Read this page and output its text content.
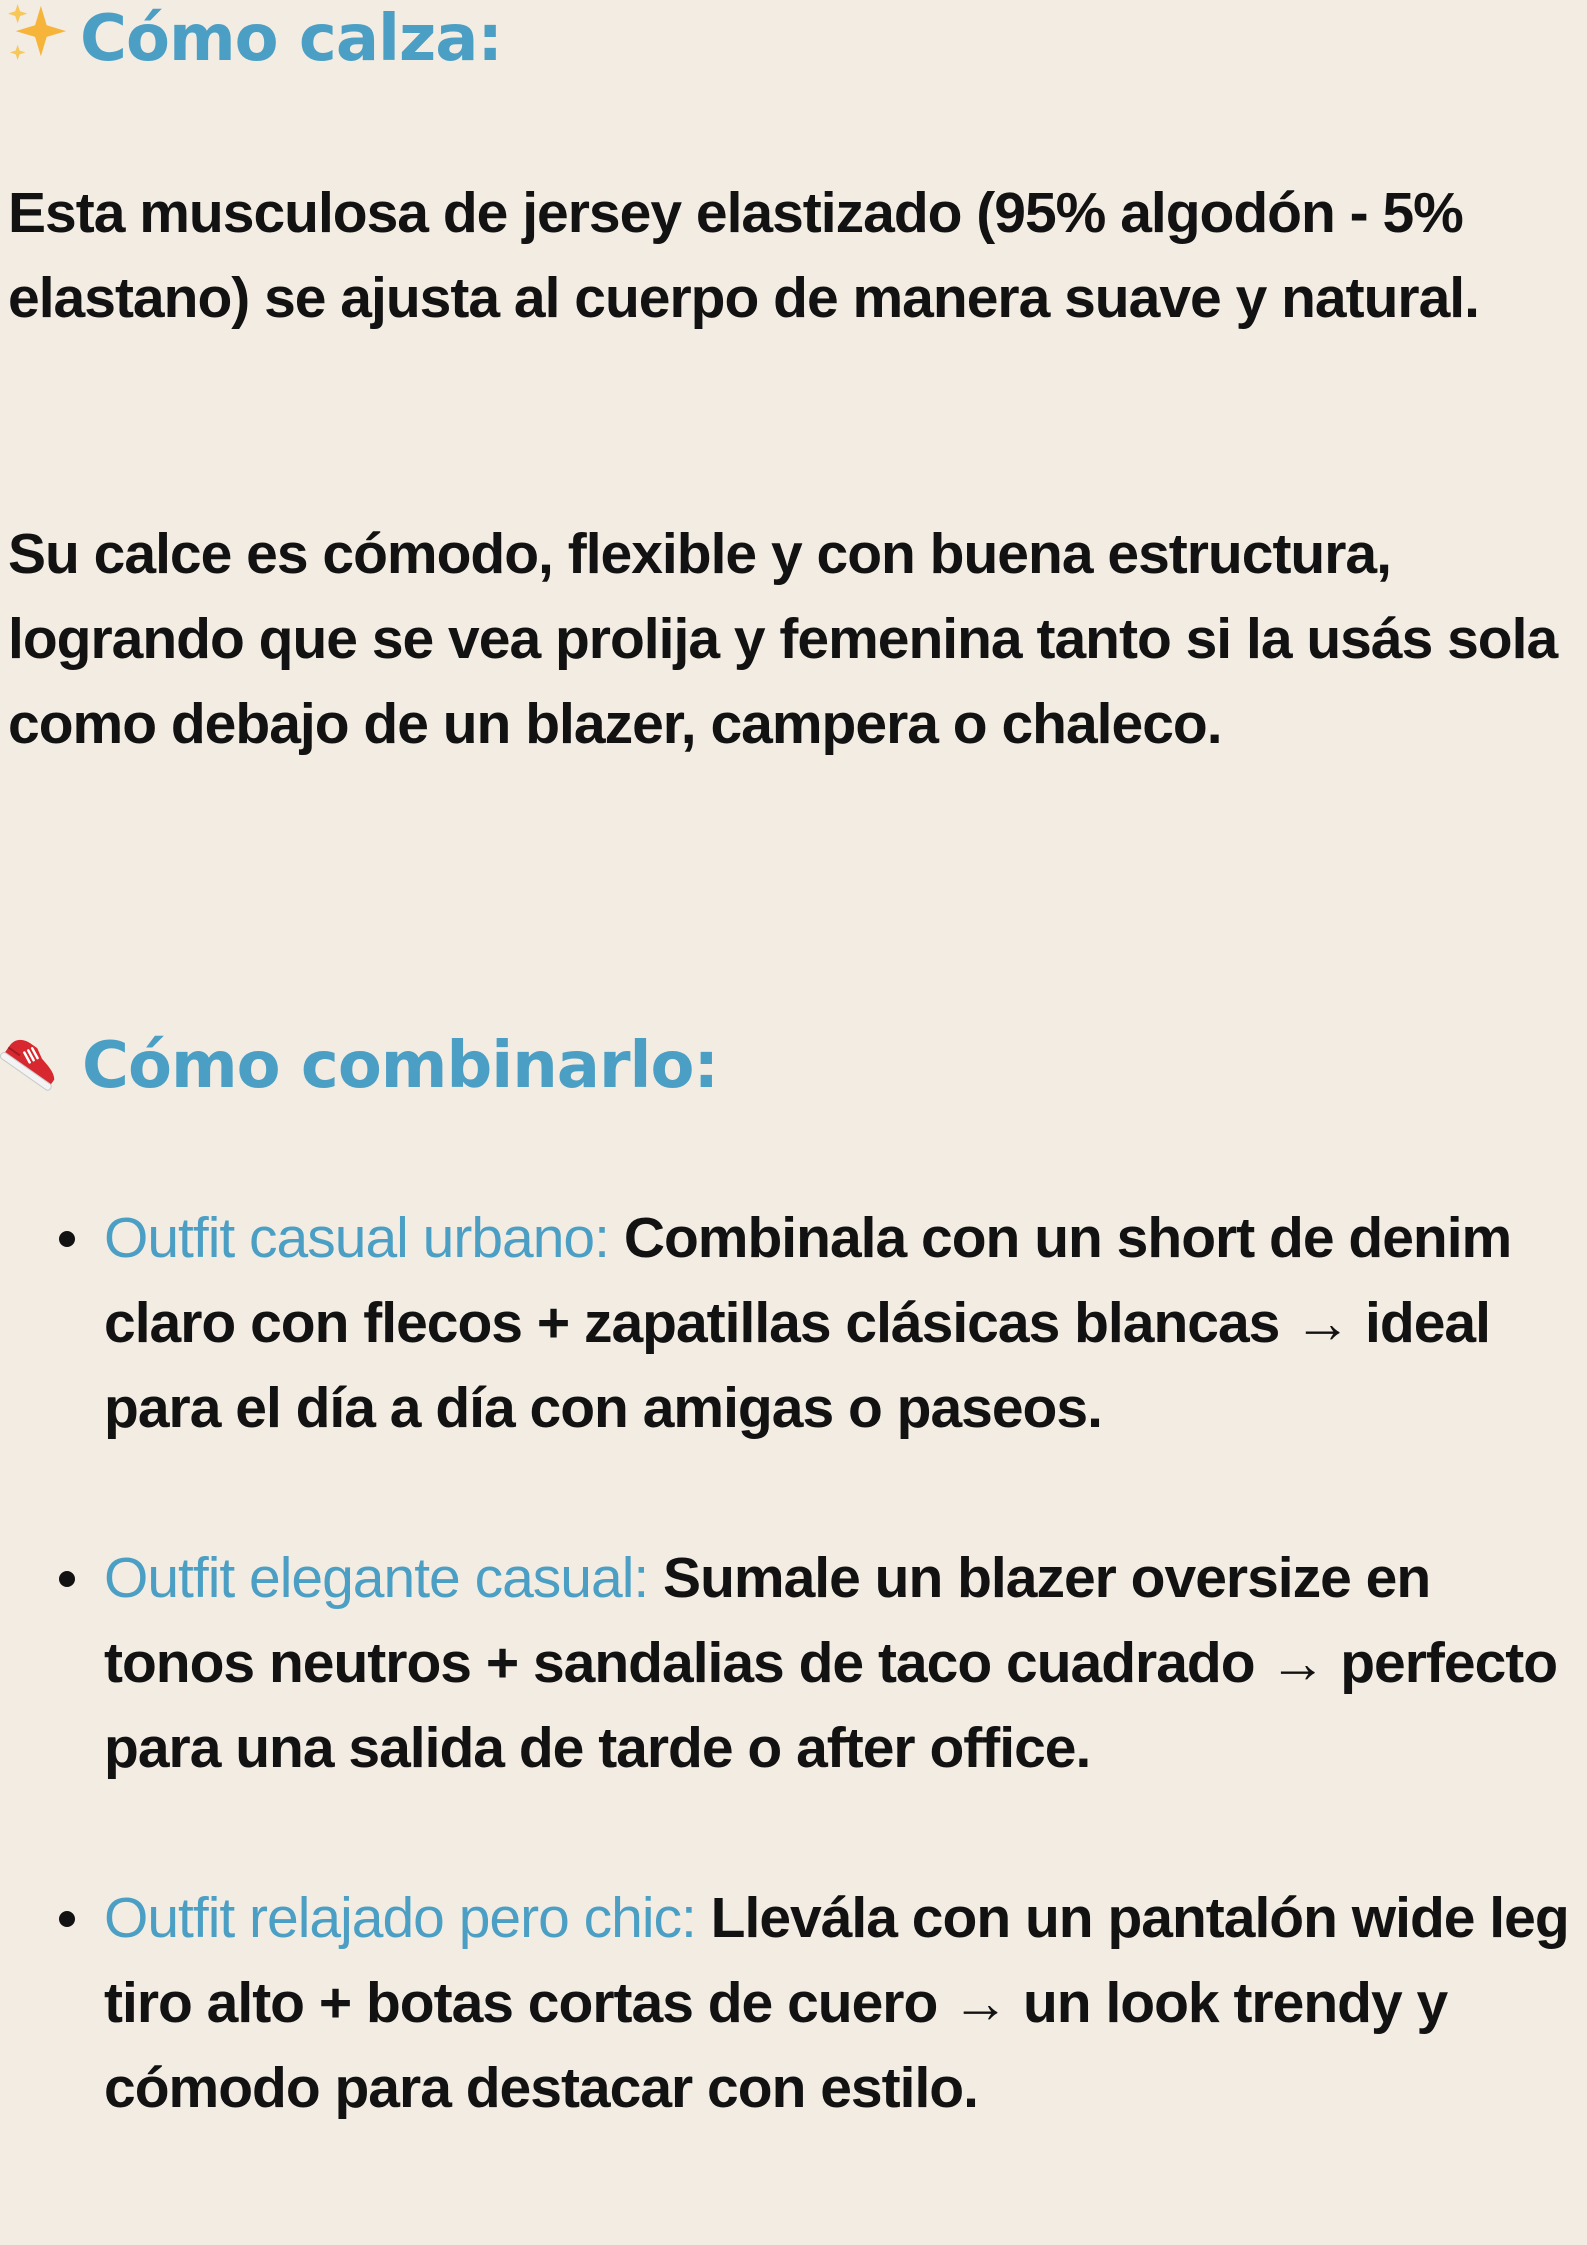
Cómo calza:

Esta musculosa de jersey elastizado (95% algodón - 5% elastano) se ajusta al cuerpo de manera suave y natural.

Su calce es cómodo, flexible y con buena estructura, logrando que se vea prolija y femenina tanto si la usás sola como debajo de un blazer, campera o chaleco.

Cómo combinarlo:
Outfit casual urbano: Combinala con un short de denim claro con flecos + zapatillas clásicas blancas → ideal para el día a día con amigas o paseos.
Outfit elegante casual: Sumale un blazer oversize en tonos neutros + sandalias de taco cuadrado → perfecto para una salida de tarde o after office.
Outfit relajado pero chic: Llevála con un pantalón wide leg tiro alto + botas cortas de cuero → un look trendy y cómodo para destacar con estilo.
